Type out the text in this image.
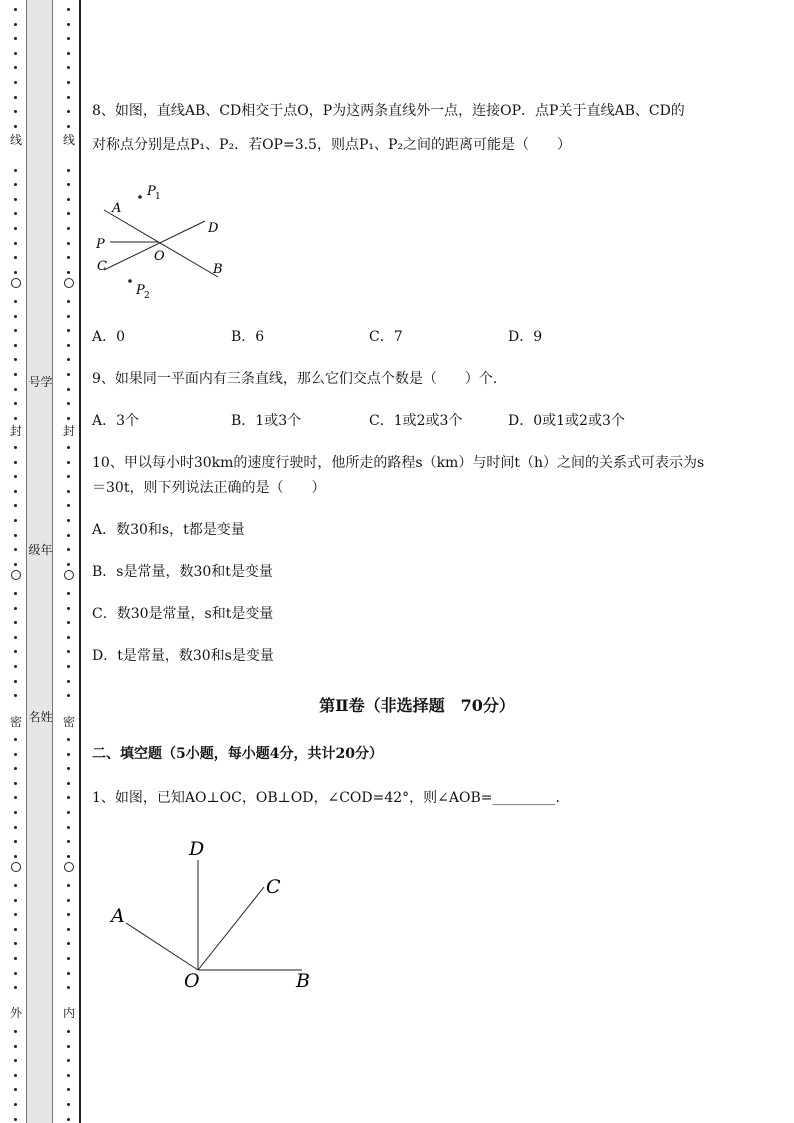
线
封
密
外
号学
级年
名姓
线
封
密
内
8、如图，直线AB、CD相交于点O，P为这两条直线外一点，连接OP．点P关于直线AB、CD的
对称点分别是点P₁、P₂．若OP=3.5，则点P₁、P₂之间的距离可能是（　　）
A
D
P
O
C	B
P 1
P 2
A．0	B．6	C．7	D．9
9、如果同一平面内有三条直线，那么它们交点个数是（　　）个．
A．3个	B．1或3个	C．1或2或3个	D．0或1或2或3个
10、甲以每小时30km的速度行驶时，他所走的路程s（km）与时间t（h）之间的关系式可表示为s
＝30t，则下列说法正确的是（　　）
A．数30和s，t都是变量
B．s是常量，数30和t是变量
C．数30是常量，s和t是变量
D．t是常量，数30和s是变量
第Ⅱ卷（非选择题　70分）
二、填空题（5小题，每小题4分，共计20分）
1、如图，已知AO⊥OC，OB⊥OD，∠COD=42°，则∠AOB=_________.
D
C
A
O	B
